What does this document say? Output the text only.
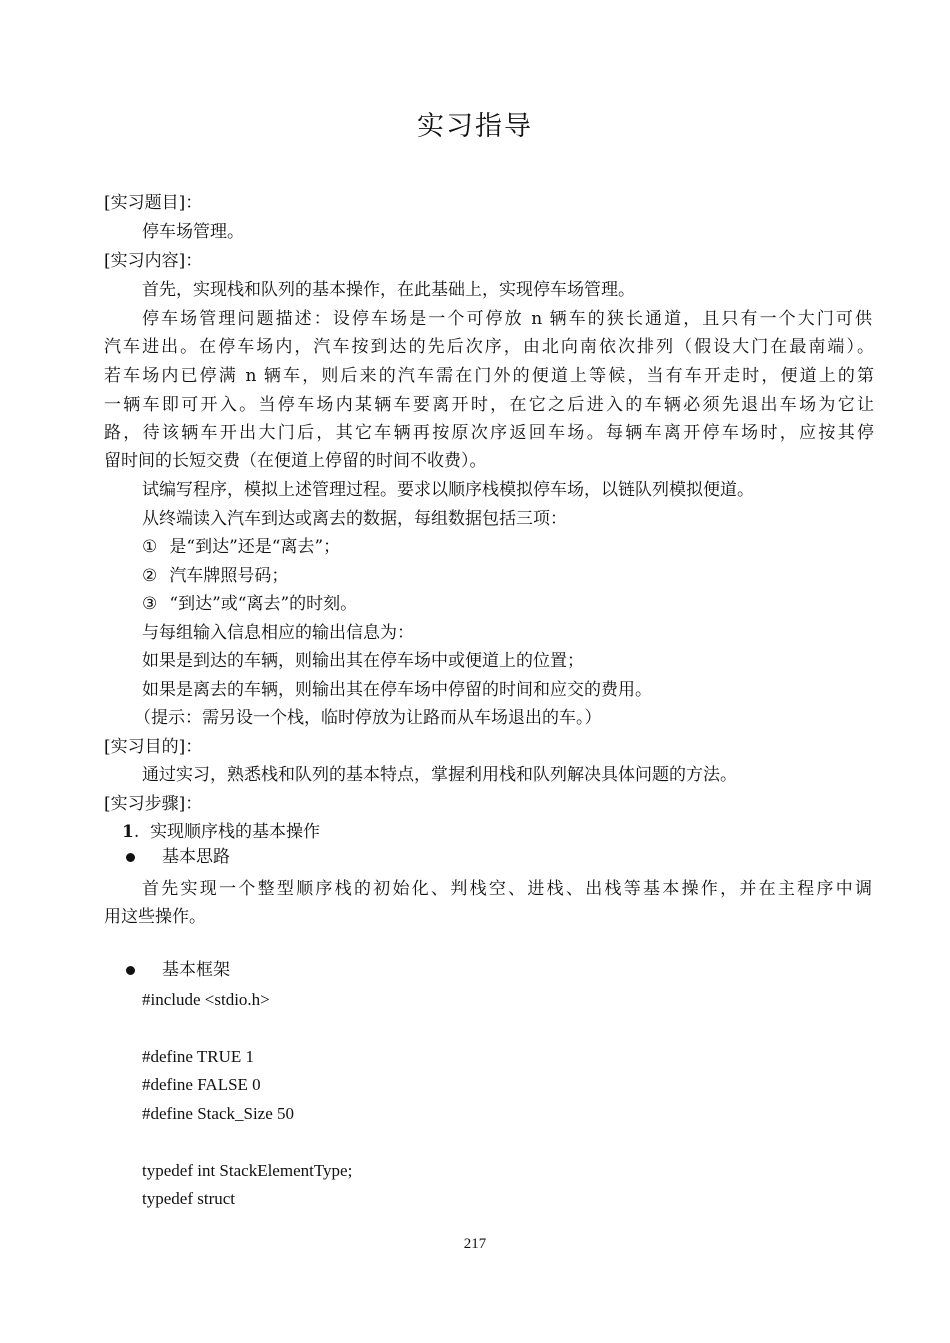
实习指导
[实习题目]：
停车场管理。
[实习内容]：
首先，实现栈和队列的基本操作，在此基础上，实现停车场管理。
停车场管理问题描述：设停车场是一个可停放 n 辆车的狭长通道，且只有一个大门可供
汽车进出。在停车场内，汽车按到达的先后次序，由北向南依次排列（假设大门在最南端）。
若车场内已停满 n 辆车，则后来的汽车需在门外的便道上等候，当有车开走时，便道上的第
一辆车即可开入。当停车场内某辆车要离开时，在它之后进入的车辆必须先退出车场为它让
路，待该辆车开出大门后，其它车辆再按原次序返回车场。每辆车离开停车场时，应按其停
留时间的长短交费（在便道上停留的时间不收费）。
试编写程序，模拟上述管理过程。要求以顺序栈模拟停车场，以链队列模拟便道。
从终端读入汽车到达或离去的数据，每组数据包括三项：
① 是“到达”还是“离去”；
② 汽车牌照号码；
③ “到达”或“离去”的时刻。
与每组输入信息相应的输出信息为：
如果是到达的车辆，则输出其在停车场中或便道上的位置；
如果是离去的车辆，则输出其在停车场中停留的时间和应交的费用。
（提示：需另设一个栈，临时停放为让路而从车场退出的车。）
[实习目的]：
通过实习，熟悉栈和队列的基本特点，掌握利用栈和队列解决具体问题的方法。
[实习步骤]：
1. 实现顺序栈的基本操作
基本思路
首先实现一个整型顺序栈的初始化、判栈空、进栈、出栈等基本操作，并在主程序中调
用这些操作。
基本框架
#include <stdio.h>
#define TRUE 1
#define FALSE 0
#define Stack_Size 50
typedef int StackElementType;
typedef struct
217
